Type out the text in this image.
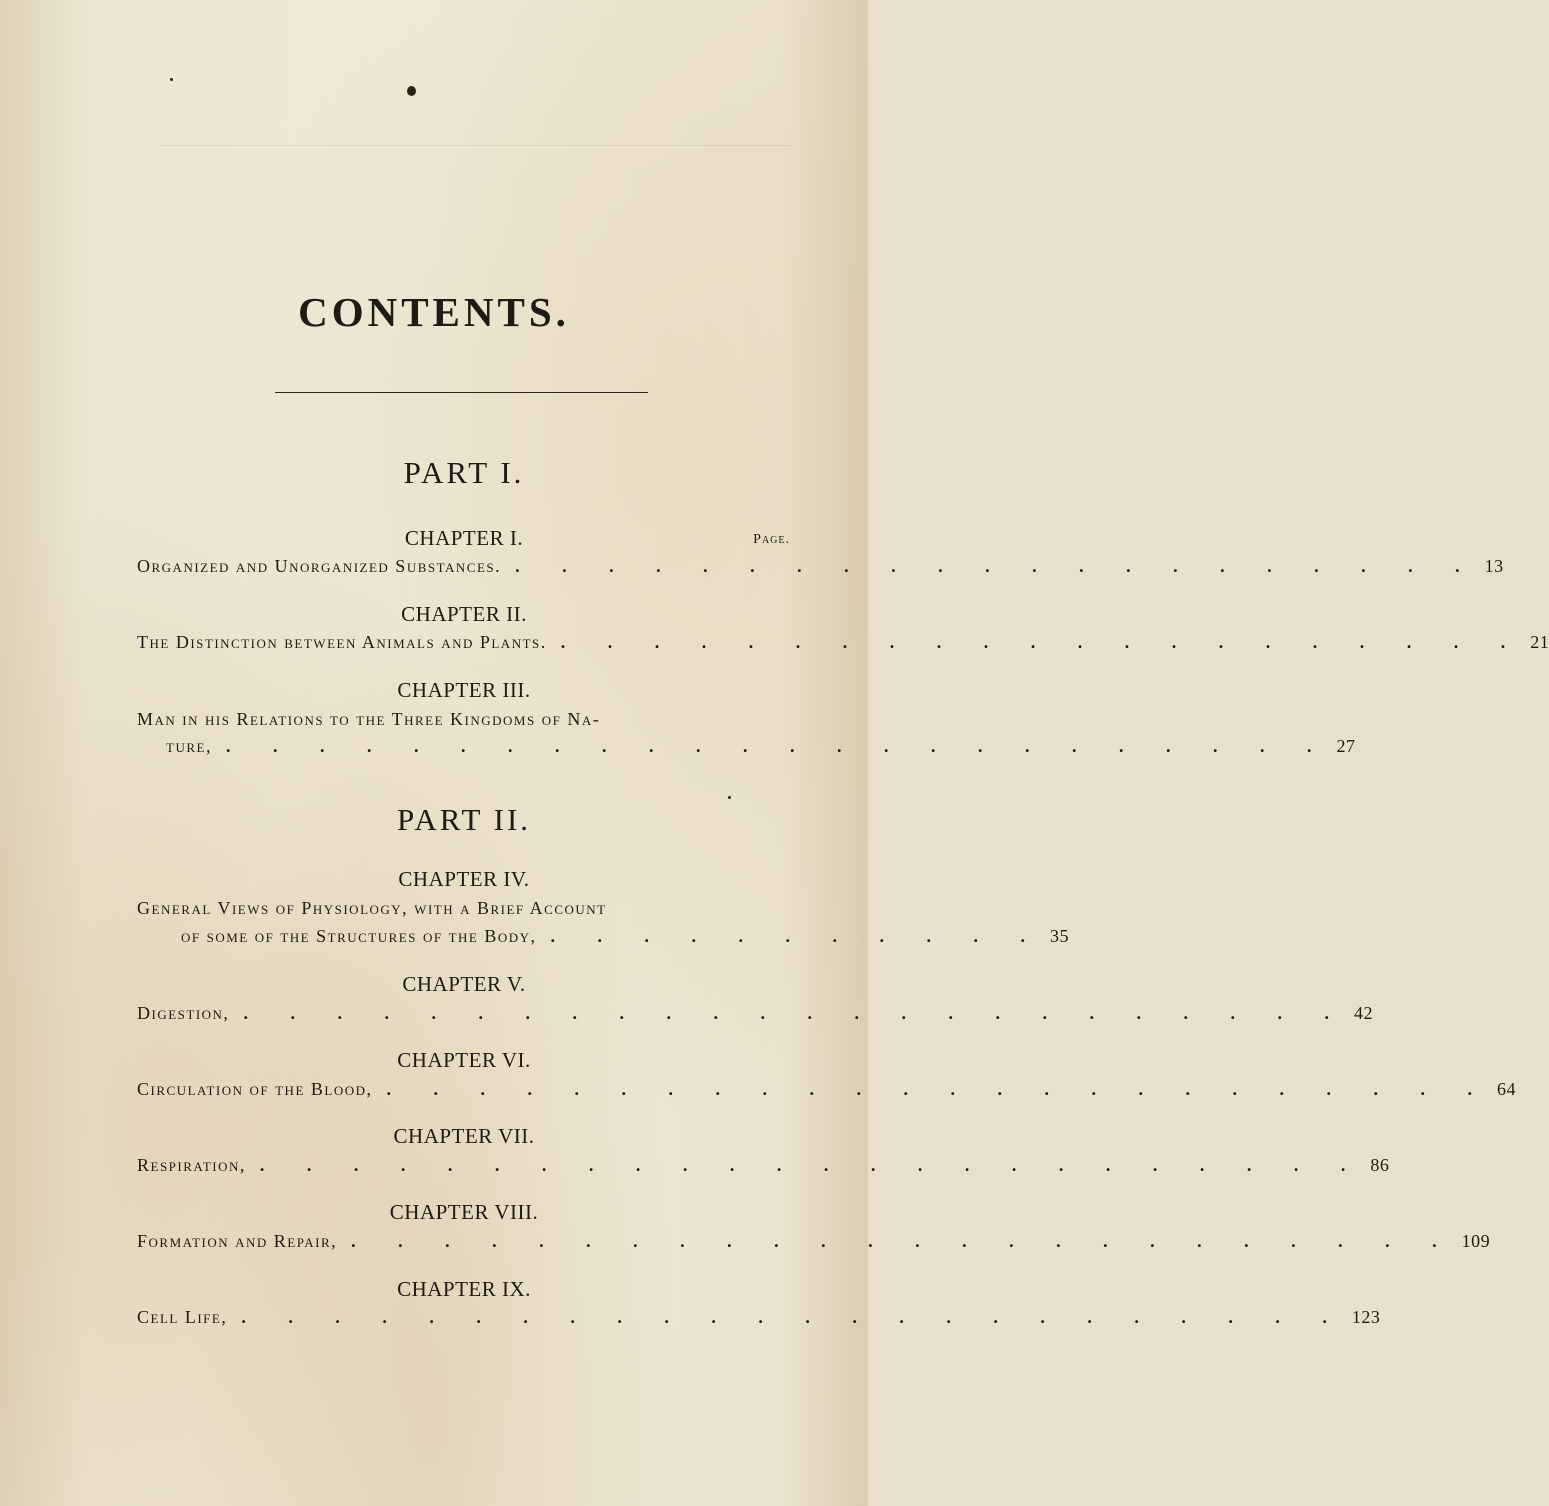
CONTENTS.
PART I.
CHAPTER I.	Page.
Organized and Unorganized Substances. . . . . . . . . . . . . . . . . . . . . . 13
CHAPTER II.
The Distinction between Animals and Plants. . . . . . . . . . . . . . . . . . . . . . 21
CHAPTER III.
Man in his Relations to the Three Kingdoms of Na-
ture, . . . . . . . . . . . . . . . . . . . . . . . . 27
PART II.
CHAPTER IV.
General Views of Physiology, with a Brief Account
of some of the Structures of the Body, . . . . . . . . . . . 35
CHAPTER V.
Digestion, . . . . . . . . . . . . . . . . . . . . . . . . 42
CHAPTER VI.
Circulation of the Blood, . . . . . . . . . . . . . . . . . . . . . . . . 64
CHAPTER VII.
Respiration, . . . . . . . . . . . . . . . . . . . . . . . . 86
CHAPTER VIII.
Formation and Repair, . . . . . . . . . . . . . . . . . . . . . . . . 109
CHAPTER IX.
Cell Life, . . . . . . . . . . . . . . . . . . . . . . . . 123
